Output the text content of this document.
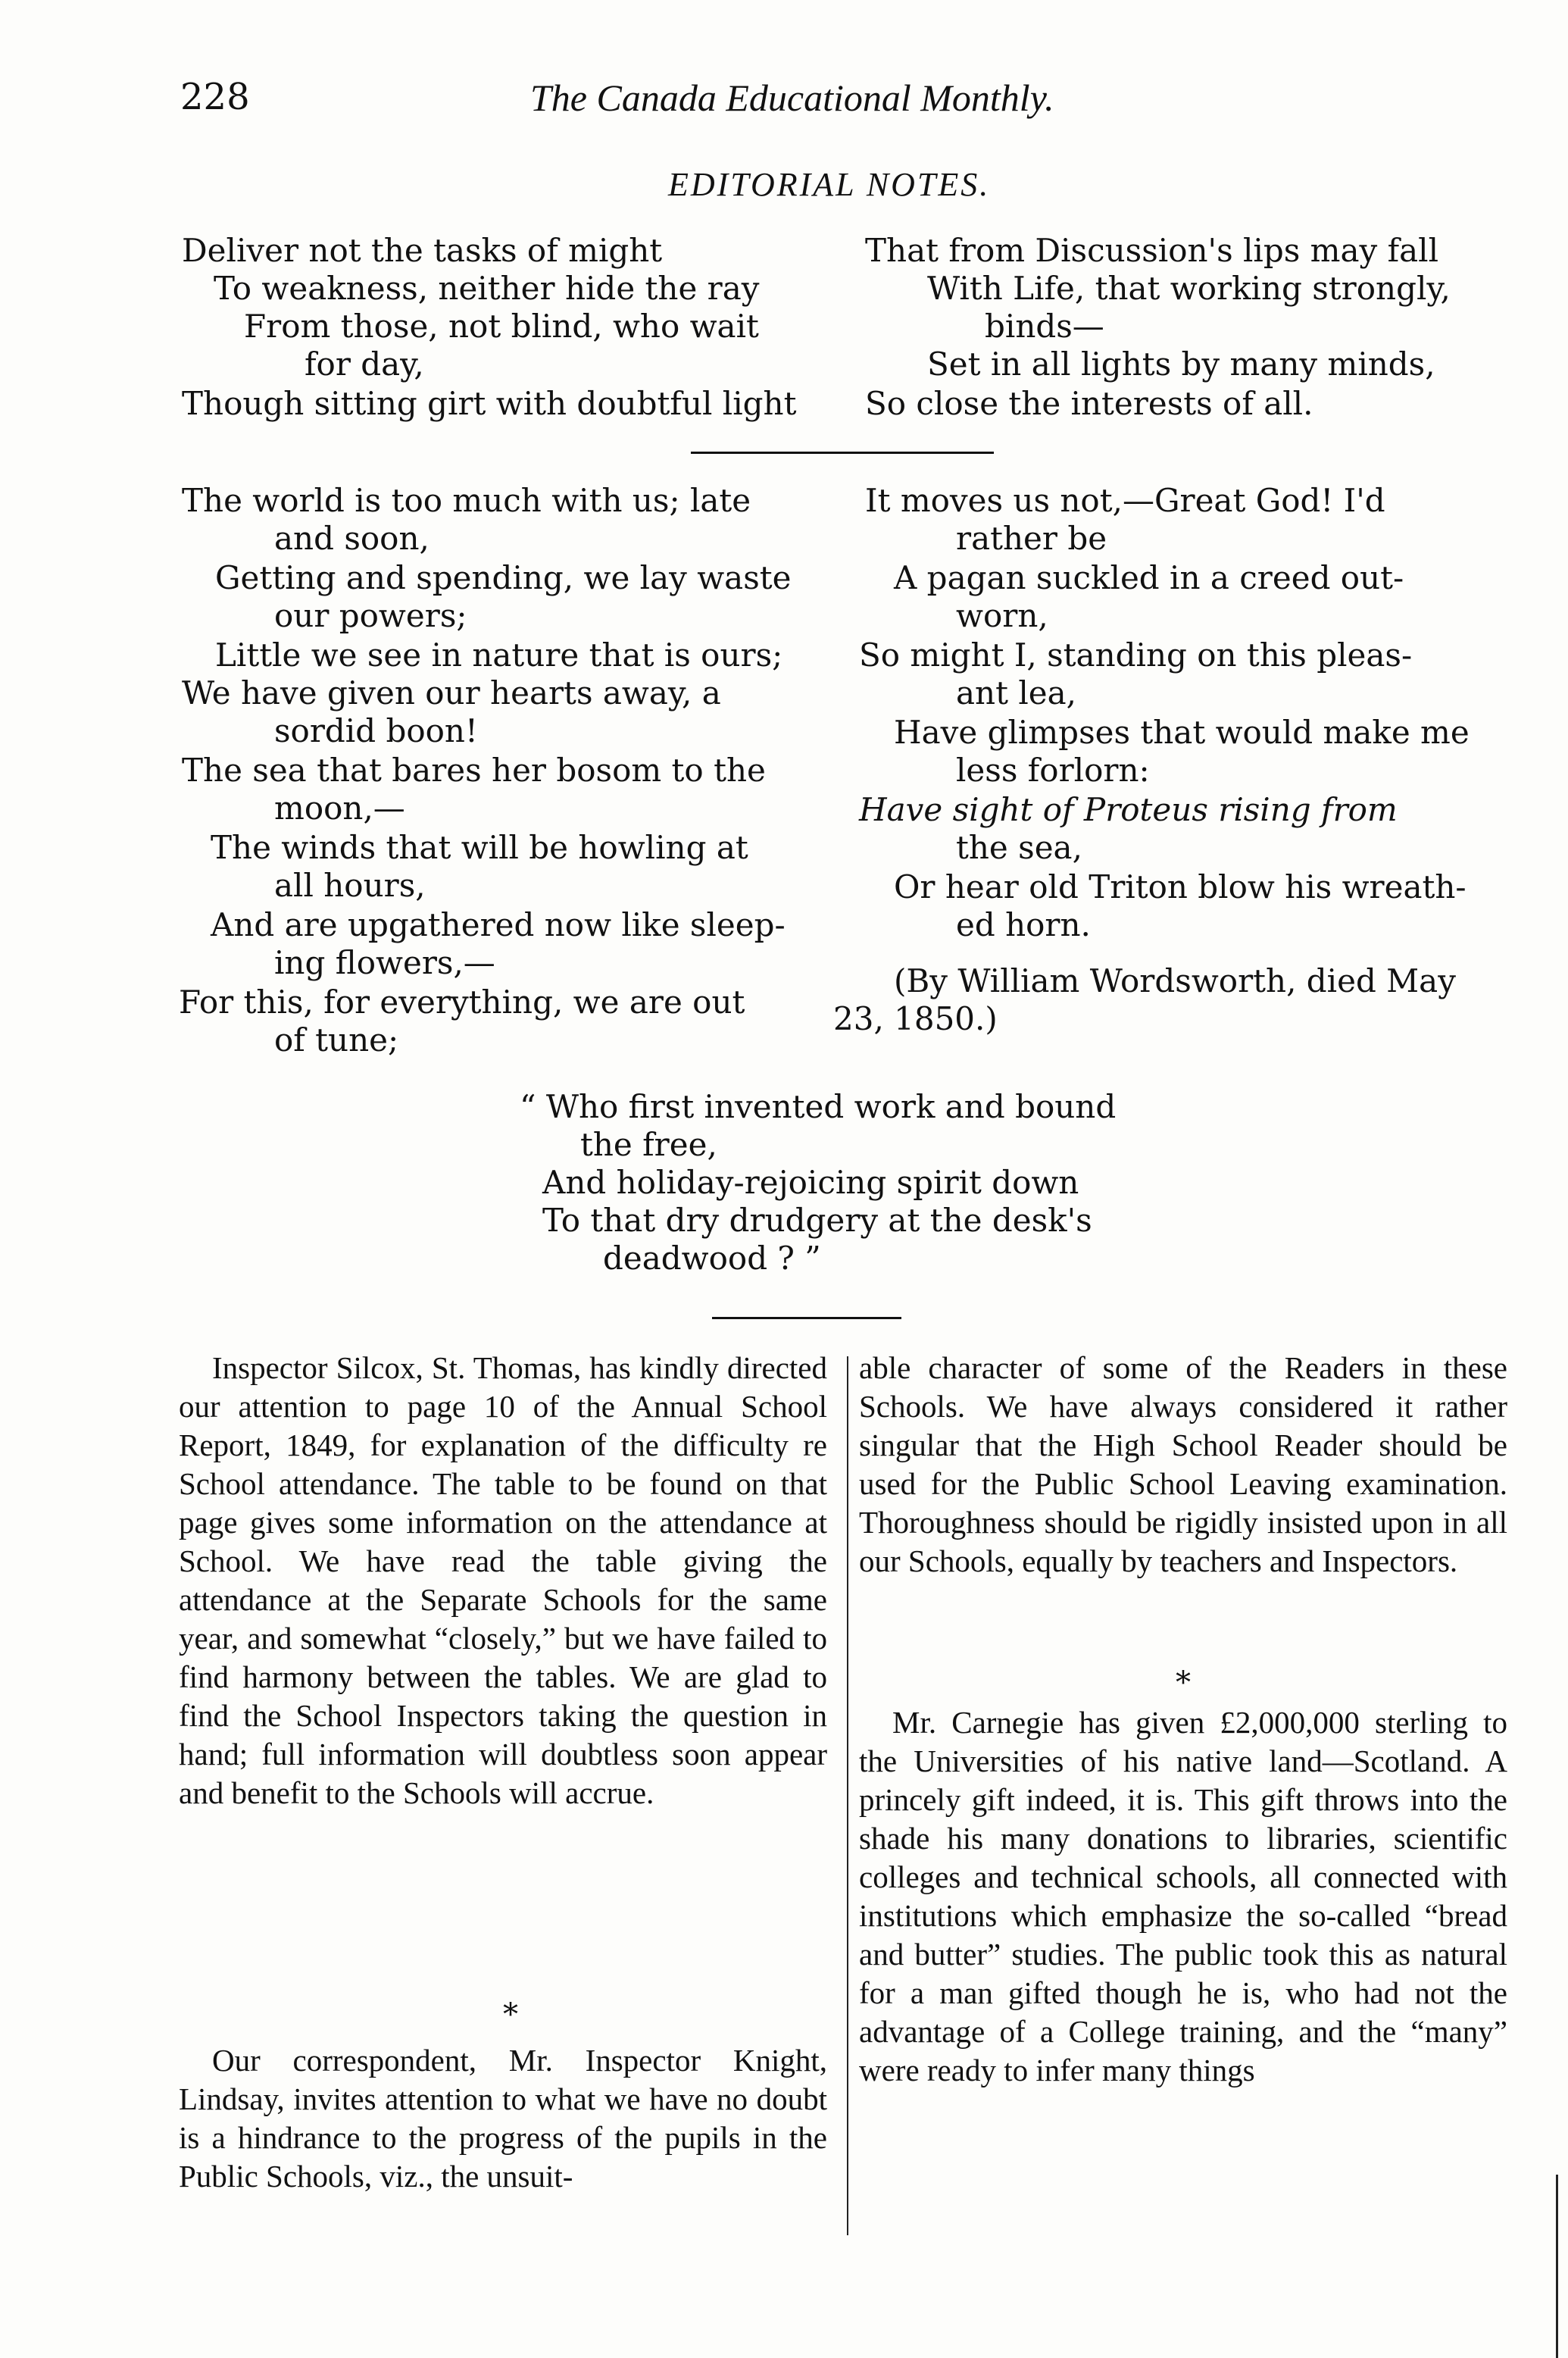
228	The Canada Educational Monthly.
EDITORIAL NOTES.
Deliver not the tasks of might
To weakness, neither hide the ray
From those, not blind, who wait
for day,
Though sitting girt with doubtful light
That from Discussion's lips may fall
With Life, that working strongly,
binds—
Set in all lights by many minds,
So close the interests of all.
The world is too much with us; late
and soon,
Getting and spending, we lay waste
our powers;
Little we see in nature that is ours;
We have given our hearts away, a
sordid boon!
The sea that bares her bosom to the
moon,—
The winds that will be howling at
all hours,
And are upgathered now like sleep-
ing flowers,—
For this, for everything, we are out
of tune;
It moves us not,—Great God! I'd
rather be
A pagan suckled in a creed out-
worn,
So might I, standing on this pleas-
ant lea,
Have glimpses that would make me
less forlorn:
Have sight of Proteus rising from
the sea,
Or hear old Triton blow his wreath-
ed horn.
(By William Wordsworth, died May
23, 1850.)
“ Who first invented work and bound
the free,
And holiday-rejoicing spirit down
To that dry drudgery at the desk's
deadwood ? ”

Inspector Silcox, St. Thomas, has kindly directed our attention to page 10 of the Annual School Report, 1849, for explanation of the difficulty re School attendance. The table to be found on that page gives some information on the attendance at School. We have read the table giving the attendance at the Separate Schools for the same year, and somewhat “closely,” but we have failed to find harmony between the tables. We are glad to find the School Inspectors taking the question in hand; full information will doubtless soon appear and benefit to the Schools will accrue.

*

Our correspondent, Mr. Inspector Knight, Lindsay, invites attention to what we have no doubt is a hindrance to the progress of the pupils in the Public Schools, viz., the unsuit-

able character of some of the Readers in these Schools. We have always considered it rather singular that the High School Reader should be used for the Public School Leaving examination. Thoroughness should be rigidly insisted upon in all our Schools, equally by teachers and Inspectors.

*

Mr. Carnegie has given £2,000,000 sterling to the Universities of his native land—Scotland. A princely gift indeed, it is. This gift throws into the shade his many donations to libraries, scientific colleges and technical schools, all connected with institutions which emphasize the so-called “bread and butter” studies. The public took this as natural for a man gifted though he is, who had not the advantage of a College training, and the “many” were ready to infer many things
